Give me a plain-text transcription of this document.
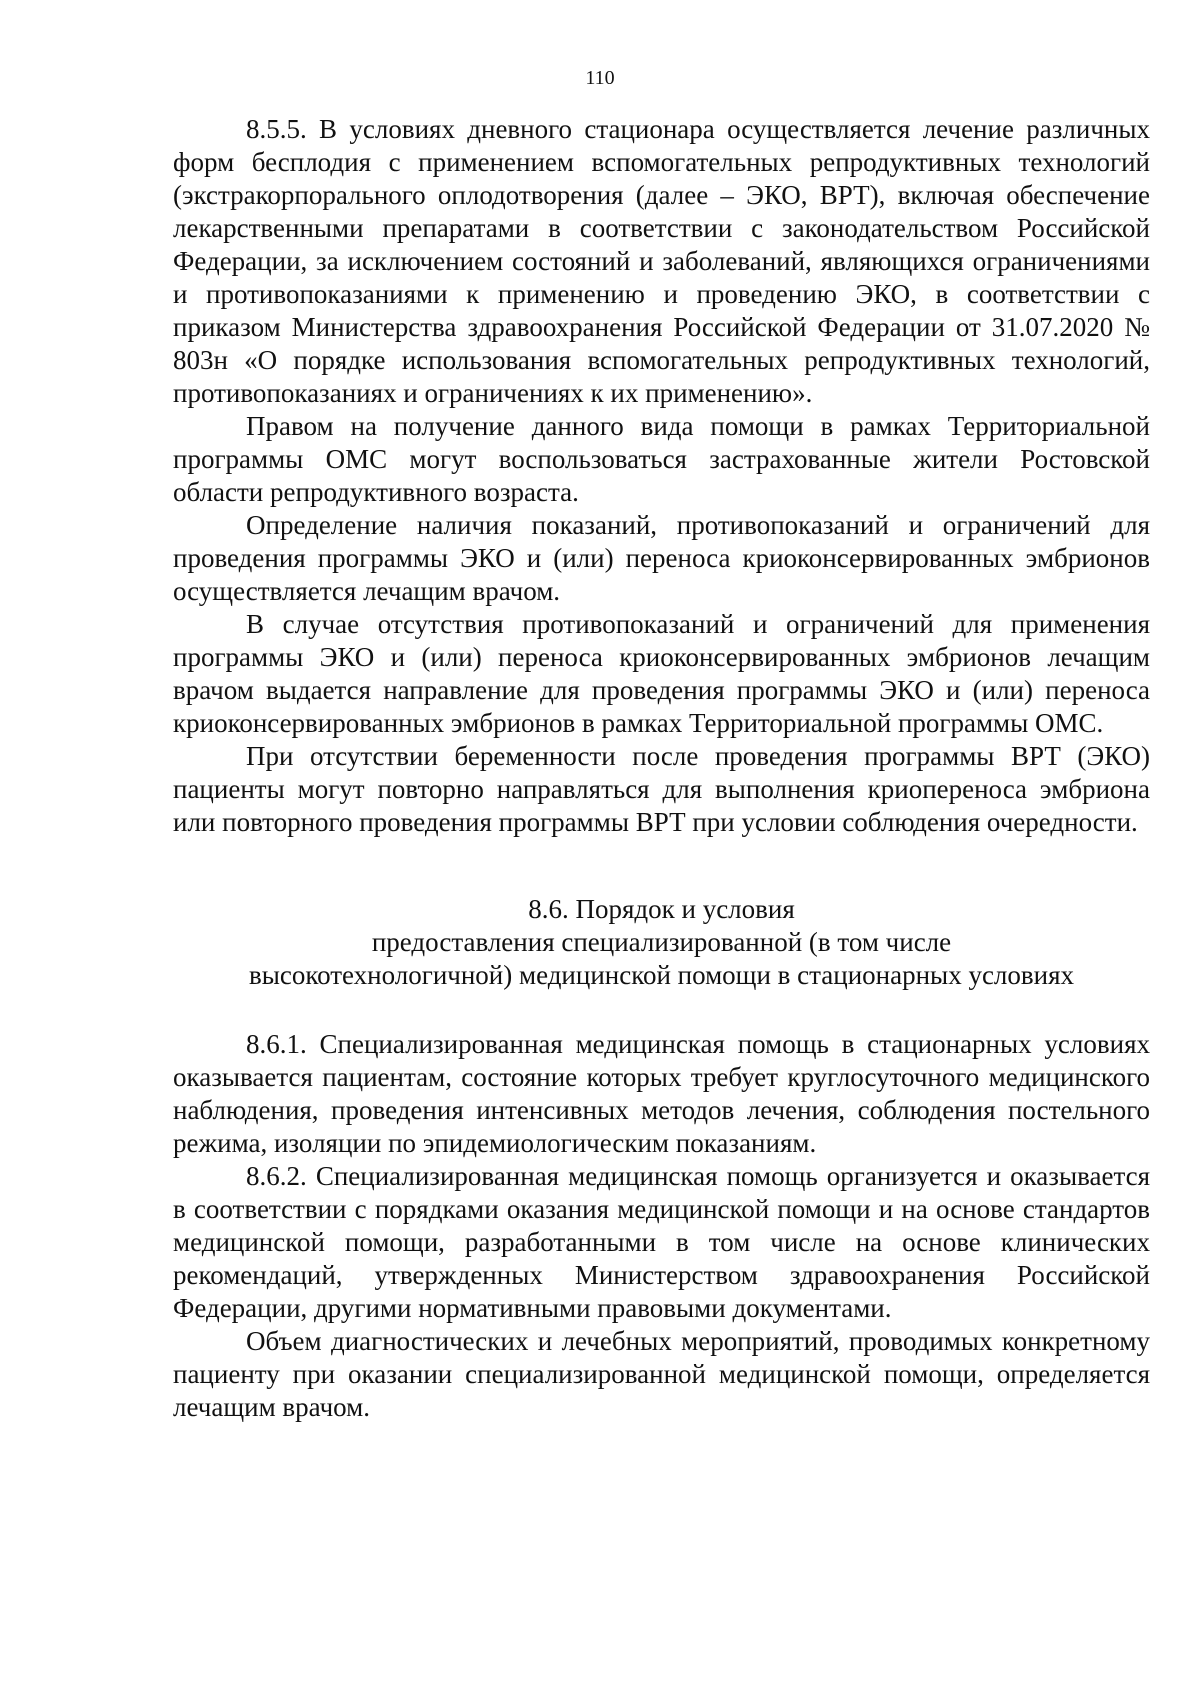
110

8.5.5. В условиях дневного стационара осуществляется лечение различных форм бесплодия с применением вспомогательных репродуктивных технологий (экстракорпорального оплодотворения (далее – ЭКО, ВРТ), включая обеспечение лекарственными препаратами в соответствии с законодательством Российской Федерации, за исключением состояний и заболеваний, являющихся ограничениями и противопоказаниями к применению и проведению ЭКО, в соответствии с приказом Министерства здравоохранения Российской Федерации от 31.07.2020 № 803н «О порядке использования вспомогательных репродуктивных технологий, противопоказаниях и ограничениях к их применению».

Правом на получение данного вида помощи в рамках Территориальной программы ОМС могут воспользоваться застрахованные жители Ростовской области репродуктивного возраста.

Определение наличия показаний, противопоказаний и ограничений для проведения программы ЭКО и (или) переноса криоконсервированных эмбрионов осуществляется лечащим врачом.

В случае отсутствия противопоказаний и ограничений для применения программы ЭКО и (или) переноса криоконсервированных эмбрионов лечащим врачом выдается направление для проведения программы ЭКО и (или) переноса криоконсервированных эмбрионов в рамках Территориальной программы ОМС.

При отсутствии беременности после проведения программы ВРТ (ЭКО) пациенты могут повторно направляться для выполнения криопереноса эмбриона или повторного проведения программы ВРТ при условии соблюдения очередности.

8.6. Порядок и условия
предоставления специализированной (в том числе
высокотехнологичной) медицинской помощи в стационарных условиях

8.6.1. Специализированная медицинская помощь в стационарных условиях оказывается пациентам, состояние которых требует круглосуточного медицинского наблюдения, проведения интенсивных методов лечения, соблюдения постельного режима, изоляции по эпидемиологическим показаниям.

8.6.2. Специализированная медицинская помощь организуется и оказывается в соответствии с порядками оказания медицинской помощи и на основе стандартов медицинской помощи, разработанными в том числе на основе клинических рекомендаций, утвержденных Министерством здравоохранения Российской Федерации, другими нормативными правовыми документами.

Объем диагностических и лечебных мероприятий, проводимых конкретному пациенту при оказании специализированной медицинской помощи, определяется лечащим врачом.
